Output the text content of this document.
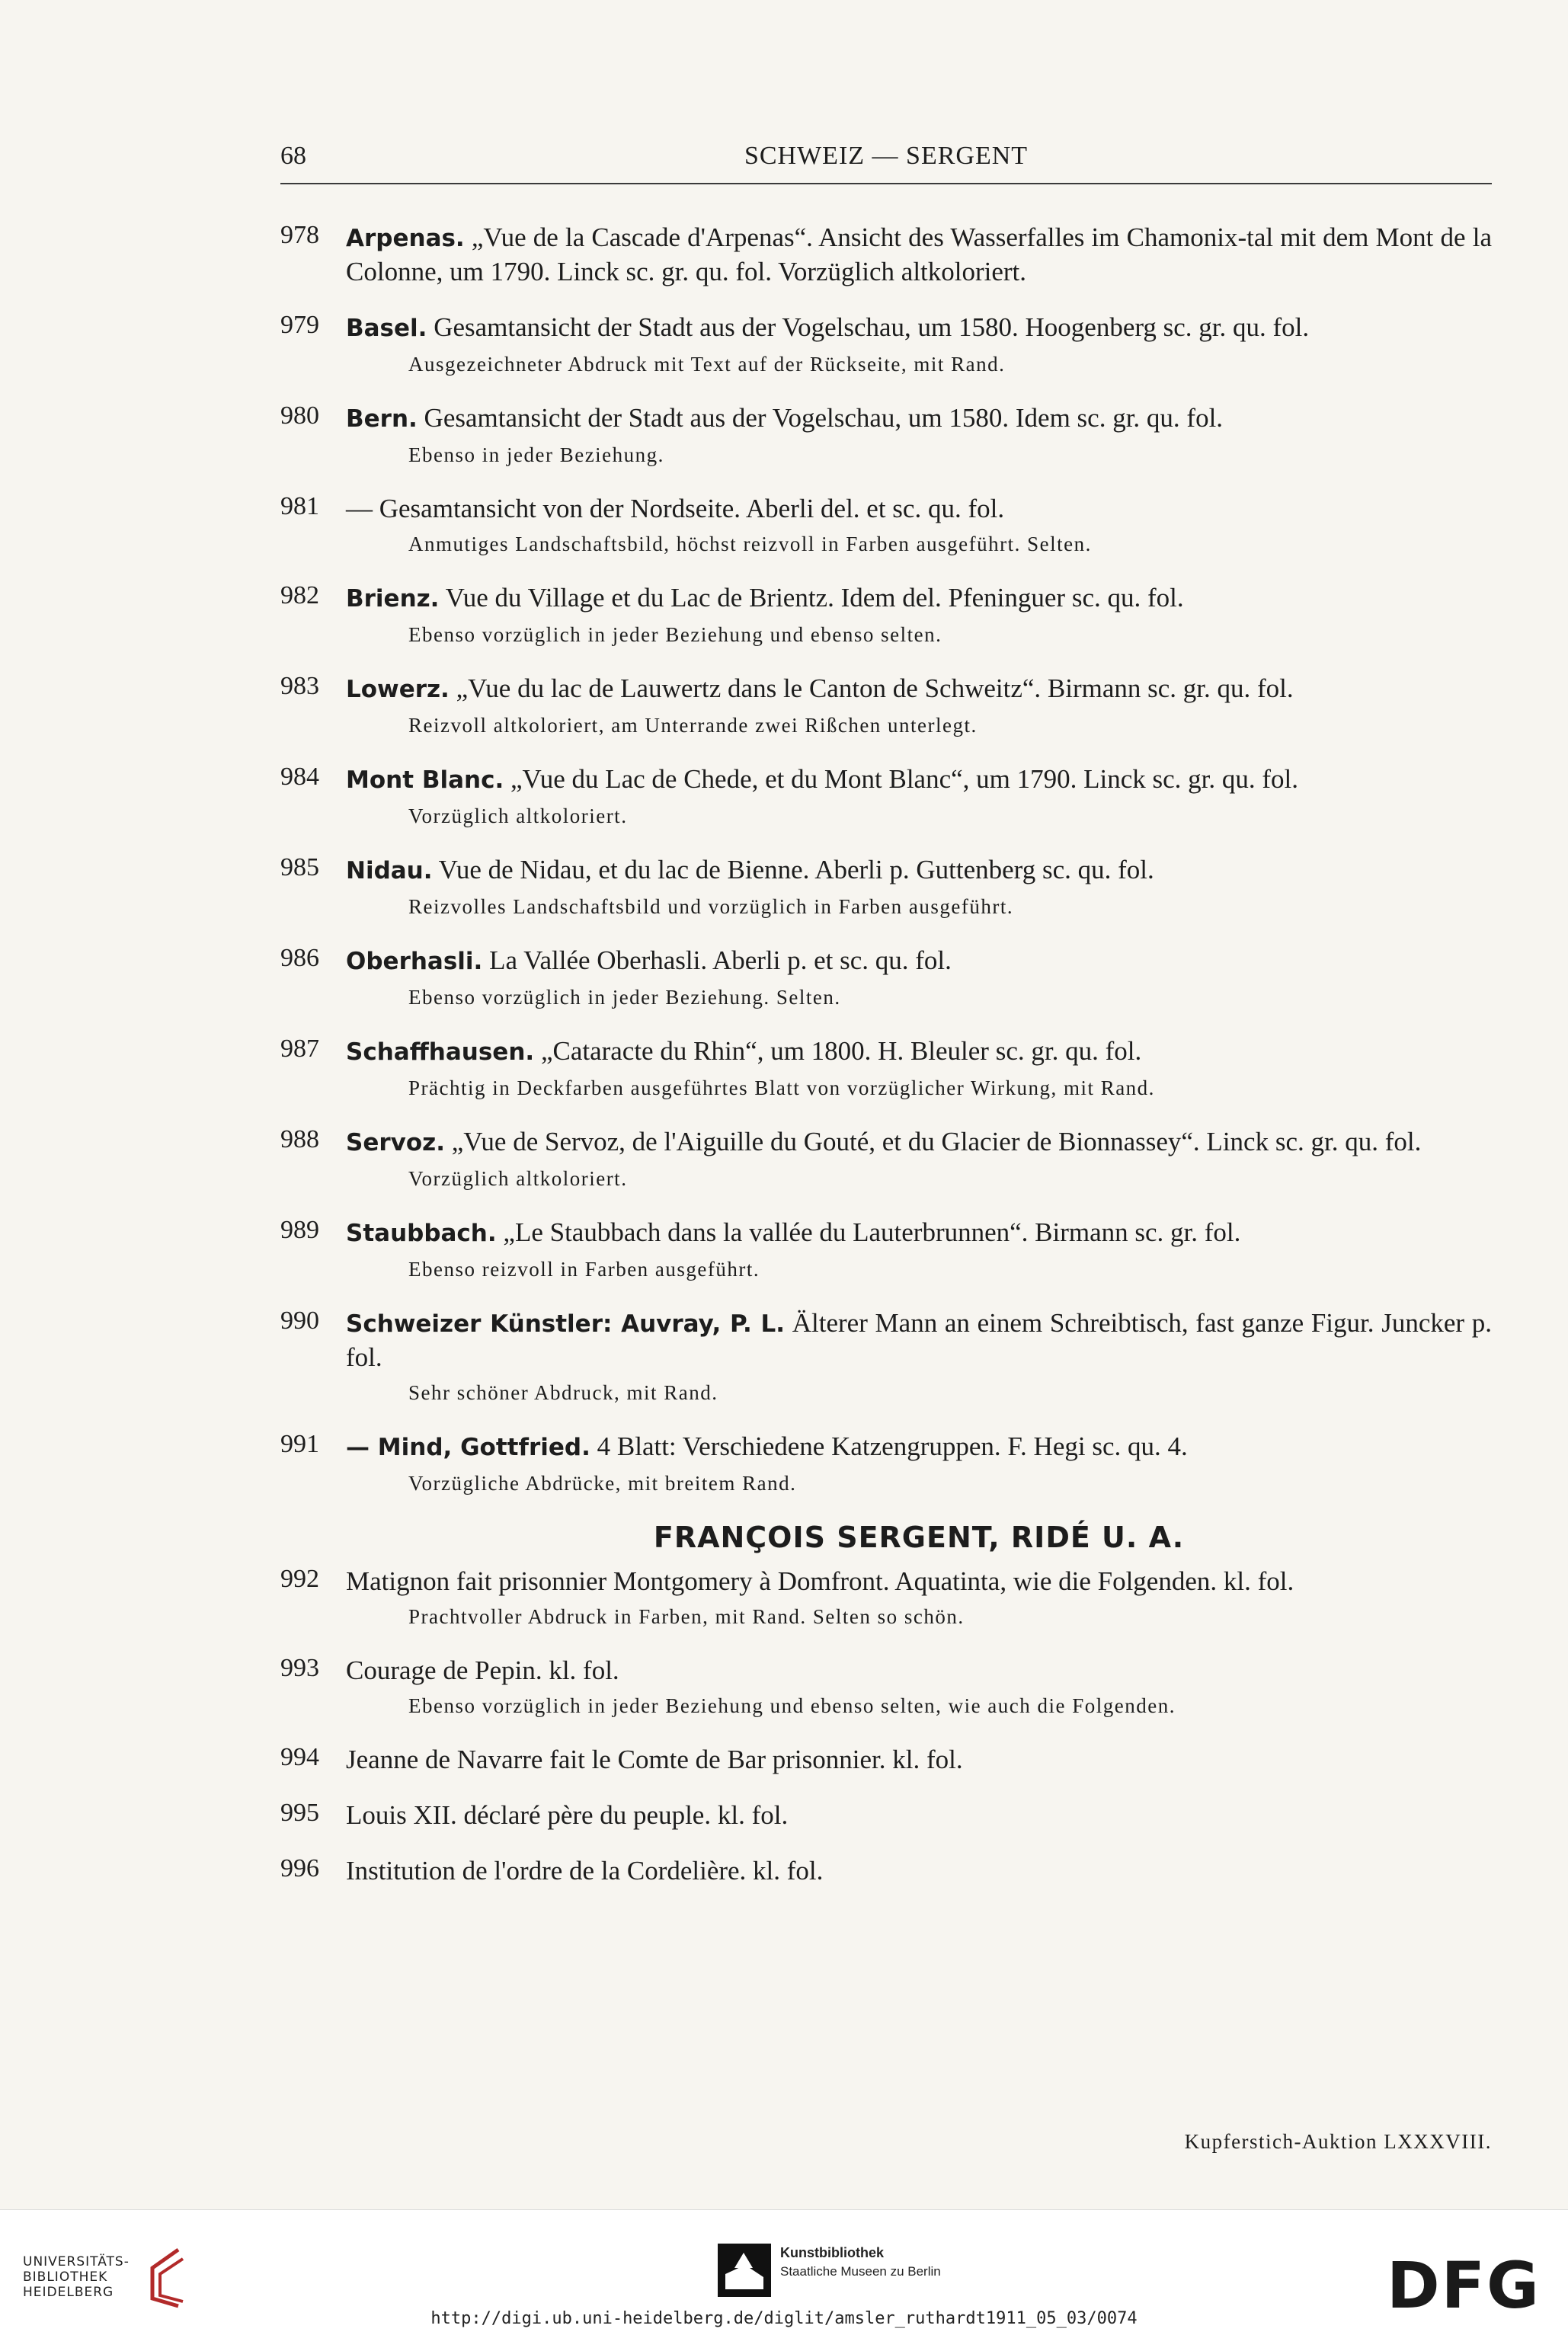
68	SCHWEIZ — SERGENT
978 Arpenas. „Vue de la Cascade d'Arpenas“. Ansicht des Wasserfalles im Chamonix-tal mit dem Mont de la Colonne, um 1790. Linck sc. gr. qu. fol. Vorzüglich altkoloriert.
979 Basel. Gesamtansicht der Stadt aus der Vogelschau, um 1580. Hoogenberg sc. gr. qu. fol.
Ausgezeichneter Abdruck mit Text auf der Rückseite, mit Rand.
980 Bern. Gesamtansicht der Stadt aus der Vogelschau, um 1580. Idem sc. gr. qu. fol.
Ebenso in jeder Beziehung.
981 — Gesamtansicht von der Nordseite. Aberli del. et sc. qu. fol.
Anmutiges Landschaftsbild, höchst reizvoll in Farben ausgeführt. Selten.
982 Brienz. Vue du Village et du Lac de Brientz. Idem del. Pfeninguer sc. qu. fol.
Ebenso vorzüglich in jeder Beziehung und ebenso selten.
983 Lowerz. „Vue du lac de Lauwertz dans le Canton de Schweitz“. Birmann sc. gr. qu. fol.
Reizvoll altkoloriert, am Unterrande zwei Rißchen unterlegt.
984 Mont Blanc. „Vue du Lac de Chede, et du Mont Blanc“, um 1790. Linck sc. gr. qu. fol.
Vorzüglich altkoloriert.
985 Nidau. Vue de Nidau, et du lac de Bienne. Aberli p. Guttenberg sc. qu. fol.
Reizvolles Landschaftsbild und vorzüglich in Farben ausgeführt.
986 Oberhasli. La Vallée Oberhasli. Aberli p. et sc. qu. fol.
Ebenso vorzüglich in jeder Beziehung. Selten.
987 Schaffhausen. „Cataracte du Rhin“, um 1800. H. Bleuler sc. gr. qu. fol.
Prächtig in Deckfarben ausgeführtes Blatt von vorzüglicher Wirkung, mit Rand.
988 Servoz. „Vue de Servoz, de l'Aiguille du Gouté, et du Glacier de Bionnassey“. Linck sc. gr. qu. fol.
Vorzüglich altkoloriert.
989 Staubbach. „Le Staubbach dans la vallée du Lauterbrunnen“. Birmann sc. gr. fol.
Ebenso reizvoll in Farben ausgeführt.
990 Schweizer Künstler: Auvray, P. L. Älterer Mann an einem Schreibtisch, fast ganze Figur. Juncker p. fol.
Sehr schöner Abdruck, mit Rand.
991 — Mind, Gottfried. 4 Blatt: Verschiedene Katzengruppen. F. Hegi sc. qu. 4.
Vorzügliche Abdrücke, mit breitem Rand.
FRANÇOIS SERGENT, RIDÉ U. A.
992 Matignon fait prisonnier Montgomery à Domfront. Aquatinta, wie die Folgenden. kl. fol.
Prachtvoller Abdruck in Farben, mit Rand. Selten so schön.
993 Courage de Pepin. kl. fol.
Ebenso vorzüglich in jeder Beziehung und ebenso selten, wie auch die Folgenden.
994 Jeanne de Navarre fait le Comte de Bar prisonnier. kl. fol.
995 Louis XII. déclaré père du peuple. kl. fol.
996 Institution de l'ordre de la Cordelière. kl. fol.
Kupferstich-Auktion LXXXVIII.
UNIVERSITÄTS-
BIBLIOTHEK
HEIDELBERG
Kunstbibliothek
Staatliche Museen zu Berlin	DFG
http://digi.ub.uni-heidelberg.de/diglit/amsler_ruthardt1911_05_03/0074
